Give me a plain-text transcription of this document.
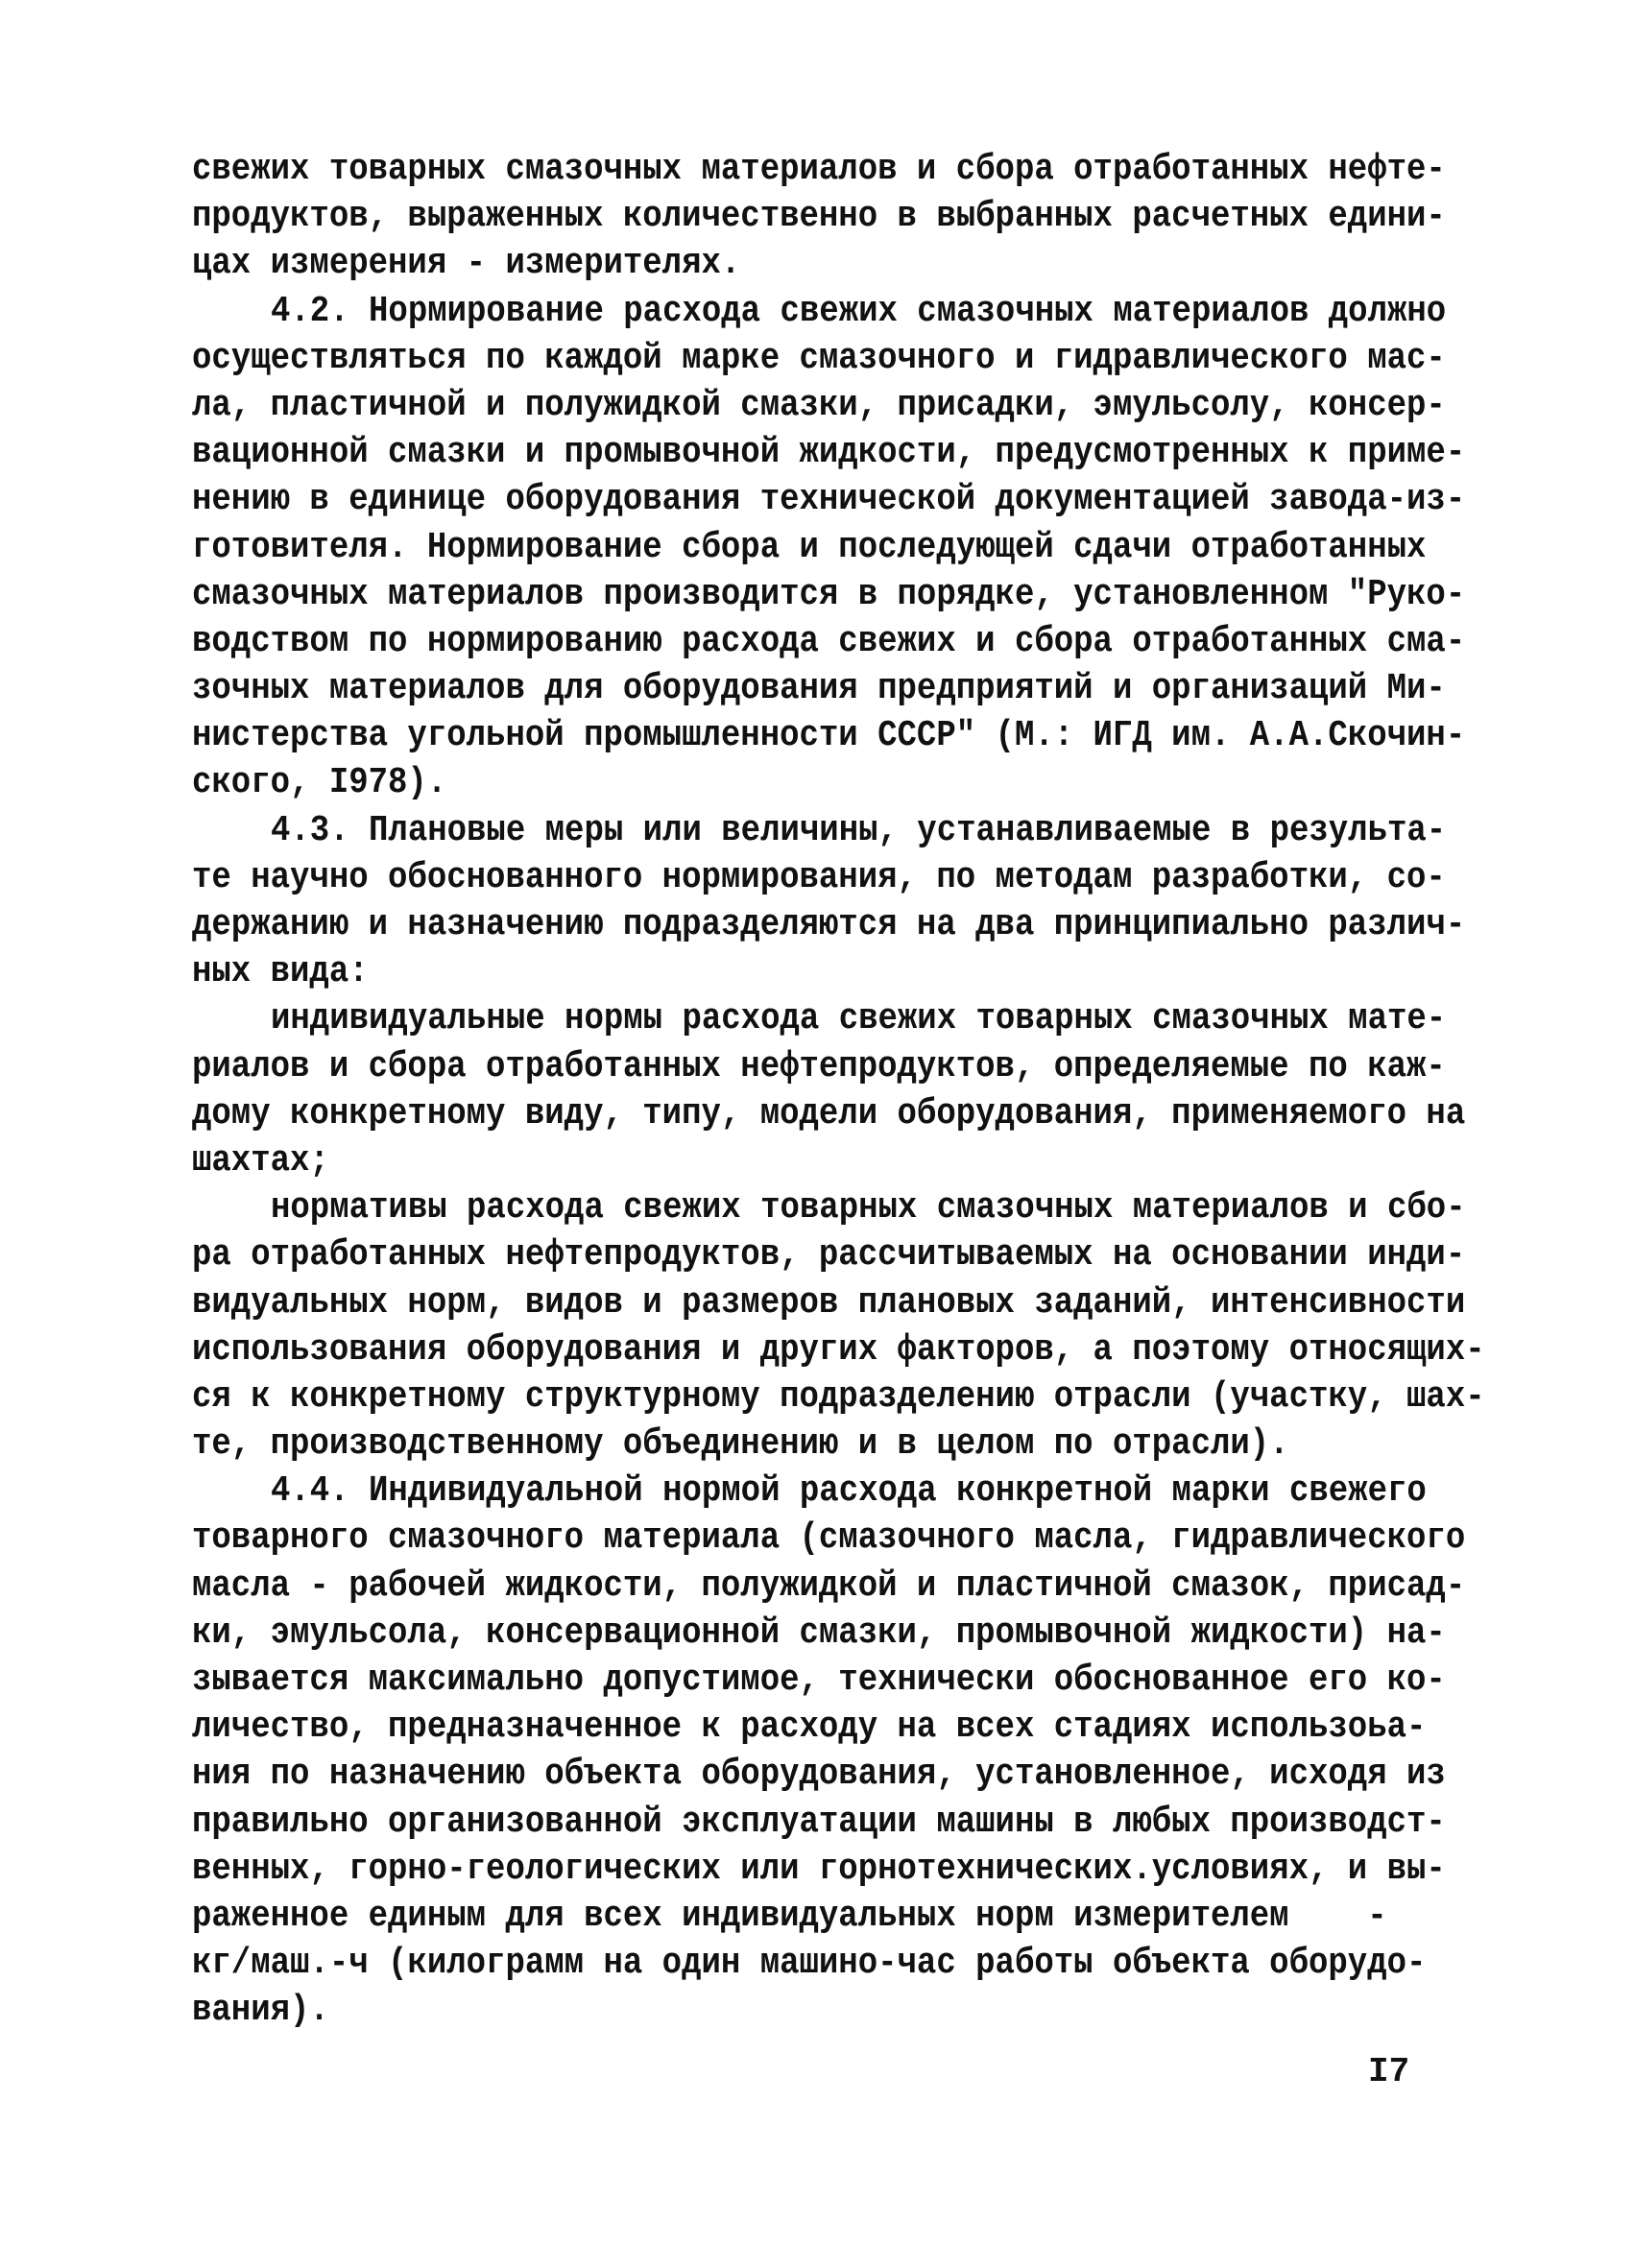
свежих товарных смазочных материалов и сбора отработанных нефте-
продуктов, выраженных количественно в выбранных расчетных едини-
цах измерения - измерителях.
4.2. Нормирование расхода свежих смазочных материалов должно
осуществляться по каждой марке смазочного и гидравлического мас-
ла, пластичной и полужидкой смазки, присадки, эмульсолу, консер-
вационной смазки и промывочной жидкости, предусмотренных к приме-
нению в единице оборудования технической документацией завода-из-
готовителя. Нормирование сбора и последующей сдачи отработанных
смазочных материалов производится в порядке, установленном "Руко-
водством по нормированию расхода свежих и сбора отработанных сма-
зочных материалов для оборудования предприятий и организаций Ми-
нистерства угольной промышленности СССР" (М.: ИГД им. А.А.Скочин-
ского, I978).
4.3. Плановые меры или величины, устанавливаемые в результа-
те научно обоснованного нормирования, по методам разработки, со-
держанию и назначению подразделяются на два принципиально различ-
ных вида:
индивидуальные нормы расхода свежих товарных смазочных мате-
риалов и сбора отработанных нефтепродуктов, определяемые по каж-
дому конкретному виду, типу, модели оборудования, применяемого на
шахтах;
нормативы расхода свежих товарных смазочных материалов и сбо-
ра отработанных нефтепродуктов, рассчитываемых на основании инди-
видуальных норм, видов и размеров плановых заданий, интенсивности
использования оборудования и других факторов, а поэтому относящих-
ся к конкретному структурному подразделению отрасли (участку, шах-
те, производственному объединению и в целом по отрасли).
4.4. Индивидуальной нормой расхода конкретной марки свежего
товарного смазочного материала (смазочного масла, гидравлического
масла - рабочей жидкости, полужидкой и пластичной смазок, присад-
ки, эмульсола, консервационной смазки, промывочной жидкости) на-
зывается максимально допустимое, технически обоснованное его ко-
личество, предназначенное к расходу на всех стадиях использоьа-
ния по назначению объекта оборудования, установленное, исходя из
правильно организованной эксплуатации машины в любых производст-
венных, горно-геологических или горнотехнических.условиях, и вы-
раженное единым для всех индивидуальных норм измерителем    -
кг/маш.-ч (килограмм на один машино-час работы объекта оборудо-
вания).
I7
